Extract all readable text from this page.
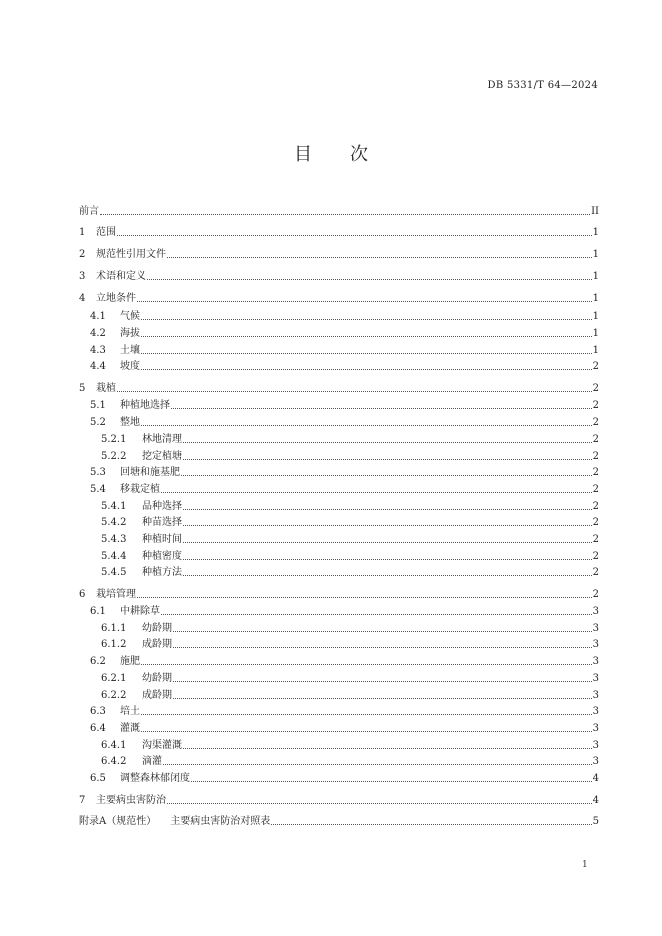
DB 5331/T 64—2024
目 次
前言	II
1 范围	1
2 规范性引用文件	1
3 术语和定义	1
4 立地条件	1
4.1	气候	1
4.2	海拔	1
4.3	土壤	1
4.4	坡度	2
5 栽植	2
5.1	种植地选择	2
5.2	整地	2
5.2.1	林地清理	2
5.2.2	挖定植塘	2
5.3	回塘和施基肥	2
5.4	移栽定植	2
5.4.1	品种选择	2
5.4.2	种苗选择	2
5.4.3	种植时间	2
5.4.4	种植密度	2
5.4.5	种植方法	2
6 栽培管理	2
6.1	中耕除草	3
6.1.1	幼龄期	3
6.1.2	成龄期	3
6.2	施肥	3
6.2.1	幼龄期	3
6.2.2	成龄期	3
6.3	培土	3
6.4	灌溉	3
6.4.1	沟渠灌溉	3
6.4.2	滴灌	3
6.5	调整森林郁闭度	4
7 主要病虫害防治	4
附录A（规范性） 主要病虫害防治对照表	5
1
